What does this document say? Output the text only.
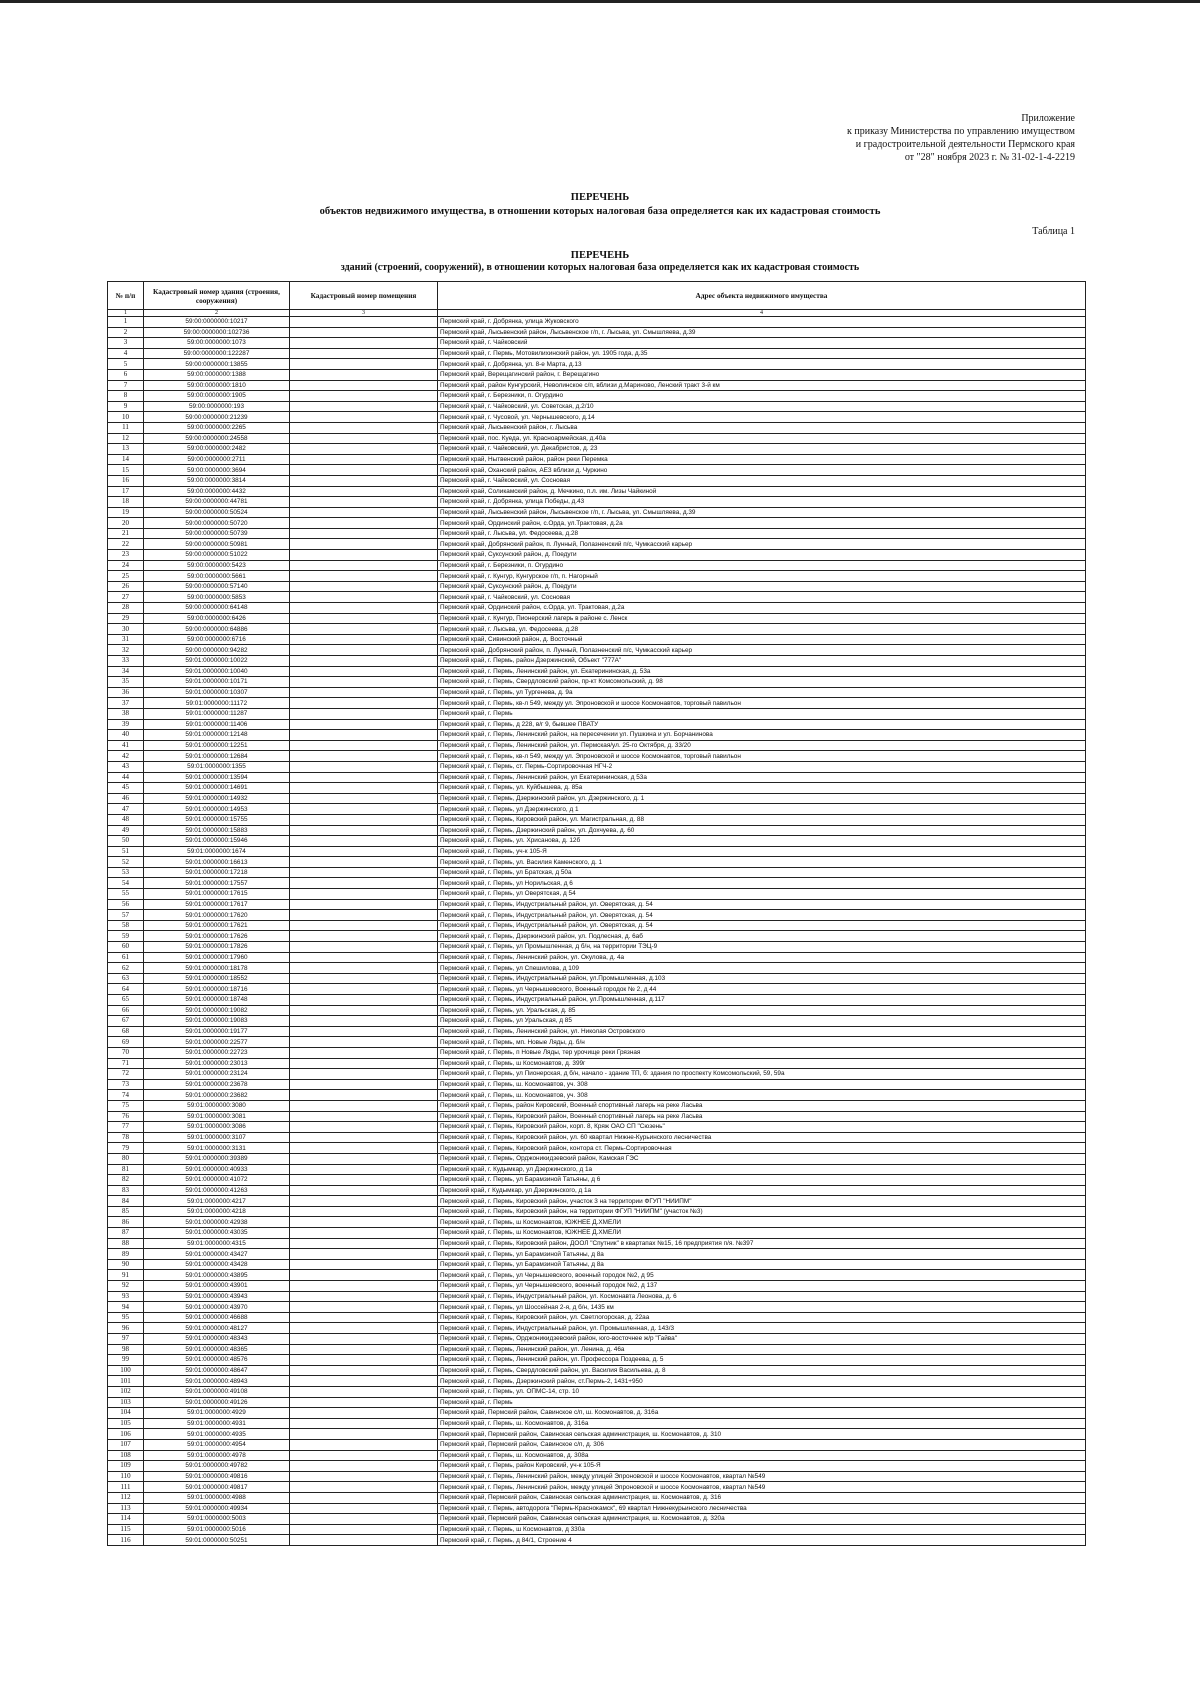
Приложение
к приказу Министерства по управлению имуществом
и градостроительной деятельности Пермского края
от "28" ноября 2023 г. № 31-02-1-4-2219
ПЕРЕЧЕНЬ
объектов недвижимого имущества, в отношении которых налоговая база определяется как их кадастровая стоимость
Таблица 1
ПЕРЕЧЕНЬ
зданий (строений, сооружений), в отношении которых налоговая база определяется как их кадастровая стоимость
№ п/п	Кадастровый номер здания (строения, сооружения)	Кадастровый номер помещения	Адрес объекта недвижимого имущества
1	2	3	4
1	59:00:0000000:10217		Пермский край, г. Добрянка, улица Жуковского
2	59:00:0000000:102736		Пермский край, Лысьвенский район, Лысьвенское г/п, г. Лысьва, ул. Смышляева, д.39
3	59:00:0000000:1073		Пермский край, г. Чайковский
4	59:00:0000000:122287		Пермский край, г. Пермь, Мотовилихинский район, ул. 1905 года, д.35
5	59:00:0000000:13855		Пермский край, г. Добрянка, ул. 8-е Марта, д.13
6	59:00:0000000:1388		Пермский край, Верещагинский район, г. Верещагино
7	59:00:0000000:1810		Пермский край, район Кунгурский, Неволинское с/п, вблизи д.Мариново, Ленский тракт 3-й км
8	59:00:0000000:1905		Пермский край, г. Березники, п. Огурдино
9	59:00:0000000:193		Пермский край, г. Чайковский, ул. Советская, д.2/10
10	59:00:0000000:21239		Пермский край, г. Чусовой, ул. Чернышевского, д.14
11	59:00:0000000:2265		Пермский край, Лысьвенский район, г. Лысьва
12	59:00:0000000:24558		Пермский край, пос. Куеда, ул. Красноармейская, д.40а
13	59:00:0000000:2482		Пермский край, г. Чайковский, ул. Декабристов, д. 23
14	59:00:0000000:2711		Пермский край, Нытвенский район, район реки Перемка
15	59:00:0000000:3694		Пермский край, Оханский район, АЕЗ вблизи д. Чуркино
16	59:00:0000000:3814		Пермский край, г. Чайковский, ул. Сосновая
17	59:00:0000000:4432		Пермский край, Соликамский район, д. Мечкино, п.л. им. Лизы Чайкиной
18	59:00:0000000:44781		Пермский край, г. Добрянка, улица Победы, д.43
19	59:00:0000000:50524		Пермский край, Лысьвенский район, Лысьвенское г/п, г. Лысьва, ул. Смышляева, д.39
20	59:00:0000000:50720		Пермский край, Ординский район, с.Орда, ул.Трактовая, д.2а
21	59:00:0000000:50739		Пермский край, г. Лысьва, ул. Федосеева, д.28
22	59:00:0000000:50981		Пермский край, Добрянский район, п. Лунный, Полазненский п/с, Чумкасский карьер
23	59:00:0000000:51022		Пермский край, Суксунский район, д. Поедуги
24	59:00:0000000:5423		Пермский край, г. Березники, п. Огурдино
25	59:00:0000000:5661		Пермский край, г. Кунгур, Кунгурское г/п, п. Нагорный
26	59:00:0000000:57140		Пермский край, Суксунский район, д. Поедуги
27	59:00:0000000:5853		Пермский край, г. Чайковский, ул. Сосновая
28	59:00:0000000:64148		Пермский край, Ординский район, с.Орда, ул. Трактовая, д.2а
29	59:00:0000000:6426		Пермский край, г. Кунгур, Пионерский лагерь в районе с. Ленск
30	59:00:0000000:64886		Пермский край, г. Лысьва, ул. Федосеева, д.28
31	59:00:0000000:6716		Пермский край, Сивинский район, д. Восточный
32	59:00:0000000:94282		Пермский край, Добрянский район, п. Лунный, Полазненский п/с, Чумкасский карьер
33	59:01:0000000:10022		Пермский край, г. Пермь, район Дзержинский, Объект "777А"
34	59:01:0000000:10040		Пермский край, г. Пермь, Ленинский район, ул. Екатерининская, д. 53а
35	59:01:0000000:10171		Пермский край, г. Пермь, Свердловский район, пр-кт Комсомольский, д. 98
36	59:01:0000000:10307		Пермский край, г. Пермь, ул Тургенева, д. 9а
37	59:01:0000000:11172		Пермский край, г. Пермь, кв-л 549, между ул. Эпроновской и шоссе Космонавтов, торговый павильон
38	59:01:0000000:11287		Пермский край, г. Пермь
39	59:01:0000000:11406		Пермский край, г. Пермь, д 228, в/г 9, бывшее ПВАТУ
40	59:01:0000000:12148		Пермский край, г. Пермь, Ленинский район, на пересечении ул. Пушкина и ул. Борчанинова
41	59:01:0000000:12251		Пермский край, г. Пермь, Ленинский район, ул. Пермская/ул. 25-го Октября, д. 33/20
42	59:01:0000000:12684		Пермский край, г. Пермь, кв-л 549, между ул. Эпроновской и шоссе Космонавтов, торговый павильон
43	59:01:0000000:1355		Пермский край, г. Пермь, ст. Пермь-Сортировочная НГЧ-2
44	59:01:0000000:13594		Пермский край, г. Пермь, Ленинский район, ул Екатерининская, д 53а
45	59:01:0000000:14691		Пермский край, г. Пермь, ул. Куйбышева, д. 85а
46	59:01:0000000:14932		Пермский край, г. Пермь, Дзержинский район, ул. Дзержинского, д. 1
47	59:01:0000000:14953		Пермский край, г. Пермь, ул Дзержинского, д 1
48	59:01:0000000:15755		Пермский край, г. Пермь, Кировский район, ул. Магистральная, д. 88
49	59:01:0000000:15883		Пермский край, г. Пермь, Дзержинский район, ул. Дохчуева, д. 60
50	59:01:0000000:15946		Пермский край, г. Пермь, ул. Хрисанова, д. 12б
51	59:01:0000000:1674		Пермский край, г. Пермь, уч-к 105-Я
52	59:01:0000000:16613		Пермский край, г. Пермь, ул. Василия Каменского, д. 1
53	59:01:0000000:17218		Пермский край, г. Пермь, ул Братская, д 50а
54	59:01:0000000:17557		Пермский край, г. Пермь, ул Норильская, д 6
55	59:01:0000000:17615		Пермский край, г. Пермь, ул Оверятская, д 54
56	59:01:0000000:17617		Пермский край, г. Пермь, Индустриальный район, ул. Оверятская, д. 54
57	59:01:0000000:17620		Пермский край, г. Пермь, Индустриальный район, ул. Оверятская, д. 54
58	59:01:0000000:17621		Пермский край, г. Пермь, Индустриальный район, ул. Оверятская, д. 54
59	59:01:0000000:17626		Пермский край, г. Пермь, Дзержинский район, ул. Подлесная, д. 6аб
60	59:01:0000000:17826		Пермский край, г. Пермь, ул Промышленная, д б/н, на территории ТЭЦ-9
61	59:01:0000000:17960		Пермский край, г. Пермь, Ленинский район, ул. Окулова, д. 4а
62	59:01:0000000:18178		Пермский край, г. Пермь, ул Спешилова, д 109
63	59:01:0000000:18552		Пермский край, г. Пермь, Индустриальный район, ул.Промышленная, д.103
64	59:01:0000000:18716		Пермский край, г. Пермь, ул Чернышевского, Военный городок № 2, д 44
65	59:01:0000000:18748		Пермский край, г. Пермь, Индустриальный район, ул.Промышленная, д.117
66	59:01:0000000:19082		Пермский край, г. Пермь, ул. Уральская, д. 85
67	59:01:0000000:19083		Пермский край, г. Пермь, ул Уральская, д 85
68	59:01:0000000:19177		Пермский край, г. Пермь, Ленинский район, ул. Николая Островского
69	59:01:0000000:22577		Пермский край, г. Пермь, мп. Новые Ляды, д. б/н
70	59:01:0000000:22723		Пермский край, г. Пермь, п Новые Ляды, тер урочище реки Грязная
71	59:01:0000000:23013		Пермский край, г. Пермь, ш Космонавтов, д. 399г
72	59:01:0000000:23124		Пермский край, г. Пермь, ул Пионерская, д б/н, начало - здание ТП, б: здания по проспекту Комсомольский, 59, 59а
73	59:01:0000000:23678		Пермский край, г. Пермь, ш. Космонавтов, уч. 308
74	59:01:0000000:23682		Пермский край, г. Пермь, ш. Космонавтов, уч. 308
75	59:01:0000000:3080		Пермский край, г. Пермь, район Кировский, Военный спортивный лагерь на реке Ласьва
76	59:01:0000000:3081		Пермский край, г. Пермь, Кировский район, Военный спортивный лагерь на реке Ласьва
77	59:01:0000000:3086		Пермский край, г. Пермь, Кировский район, корп. 8, Кряж ОАО СП "Сюзень"
78	59:01:0000000:3107		Пермский край, г. Пермь, Кировский район, ул. 60 квартал Нижне-Курьинского лесничества
79	59:01:0000000:3131		Пермский край, г. Пермь, Кировский район, контора ст. Пермь-Сортировочная
80	59:01:0000000:39389		Пермский край, г. Пермь, Орджоникидзевский район, Камская ГЭС
81	59:01:0000000:40933		Пермский край, г. Кудымкар, ул Дзержинского, д 1а
82	59:01:0000000:41072		Пермский край, г. Пермь, ул Барамзиной Татьяны, д 6
83	59:01:0000000:41263		Пермский край, г Кудымкар, ул Дзержинского, д 1а
84	59:01:0000000:4217		Пермский край, г. Пермь, Кировский район, участок 3 на территории ФГУП "НИИПМ"
85	59:01:0000000:4218		Пермский край, г. Пермь, Кировский район, на территории ФГУП "НИИПМ" (участок №3)
86	59:01:0000000:42938		Пермский край, г. Пермь, ш Космонавтов, ЮЖНЕЕ Д.ХМЕЛИ
87	59:01:0000000:43035		Пермский край, г. Пермь, ш Космонавтов, ЮЖНЕЕ Д.ХМЕЛИ
88	59:01:0000000:4315		Пермский край, г. Пермь, Кировский район, ДООЛ "Спутник" в квартапах №15, 16 предприятия п/я. №397
89	59:01:0000000:43427		Пермский край, г. Пермь, ул Барамзиной Татьяны, д 8а
90	59:01:0000000:43428		Пермский край, г. Пермь, ул Барамзиной Татьяны, д 8а
91	59:01:0000000:43895		Пермский край, г. Пермь, ул Чернышевского, военный городок №2, д 95
92	59:01:0000000:43901		Пермский край, г. Пермь, ул Чернышевского, военный городок №2, д 137
93	59:01:0000000:43943		Пермский край, г. Пермь, Индустриальный район, ул. Космонавта Леонова, д. 6
94	59:01:0000000:43970		Пермский край, г. Пермь, ул Шоссейная 2-я, д б/н, 1435 км
95	59:01:0000000:46688		Пермский край, г. Пермь, Кировский район, ул. Светлогорская, д. 22аа
96	59:01:0000000:48127		Пермский край, г. Пермь, Индустриальный район, ул. Промышленная, д. 143/3
97	59:01:0000000:48343		Пермский край, г. Пермь, Орджоникидзевский район, юго-восточнее ж/р "Гайва"
98	59:01:0000000:48365		Пермский край, г. Пермь, Ленинский район, ул. Ленина, д. 46а
99	59:01:0000000:48576		Пермский край, г. Пермь, Ленинский район, ул. Профессора Поздеева, д. 5
100	59:01:0000000:48647		Пермский край, г. Пермь, Свердловский район, ул. Василия Васильева, д. 8
101	59:01:0000000:48943		Пермский край, г. Пермь, Дзержинский район, ст.Пермь-2, 1431+950
102	59:01:0000000:49108		Пермский край, г. Пермь, ул. ОПМС-14, стр. 10
103	59:01:0000000:49126		Пермский край, г. Пермь
104	59:01:0000000:4929		Пермский край, Пермский район, Савинское с/п, ш. Космонавтов, д. 316а
105	59:01:0000000:4931		Пермский край, г. Пермь, ш. Космонавтов, д. 316а
106	59:01:0000000:4935		Пермский край, Пермский район, Савинская сельская администрация, ш. Космонавтов, д. 310
107	59:01:0000000:4954		Пермский край, Пермский район, Савинское с/п, д. 306
108	59:01:0000000:4978		Пермский край, г. Пермь, ш. Космонавтов, д. 308а
109	59:01:0000000:49782		Пермский край, г. Пермь, район Кировский, уч-к 105-Я
110	59:01:0000000:49816		Пермский край, г. Пермь, Ленинский район, между улицей Эпроновской и шоссе Космонавтов, квартал №549
111	59:01:0000000:49817		Пермский край, г. Пермь, Ленинский район, между улицей Эпроновской и шоссе Космонавтов, квартал №549
112	59:01:0000000:4988		Пермский край, Пермский район, Савинская сельская администрация, ш. Космонавтов, д. 316
113	59:01:0000000:49934		Пермский край, г. Пермь, автодорога "Пермь-Краснокамск", 69 квартал Нижнекурьинского лесничества
114	59:01:0000000:5003		Пермский край, Пермский район, Савинская сельская администрация, ш. Космонавтов, д. 320а
115	59:01:0000000:5016		Пермский край, г. Пермь, ш Космонавтов, д 330а
116	59:01:0000000:50251		Пермский край, г. Пермь, д 84/1, Строение 4
